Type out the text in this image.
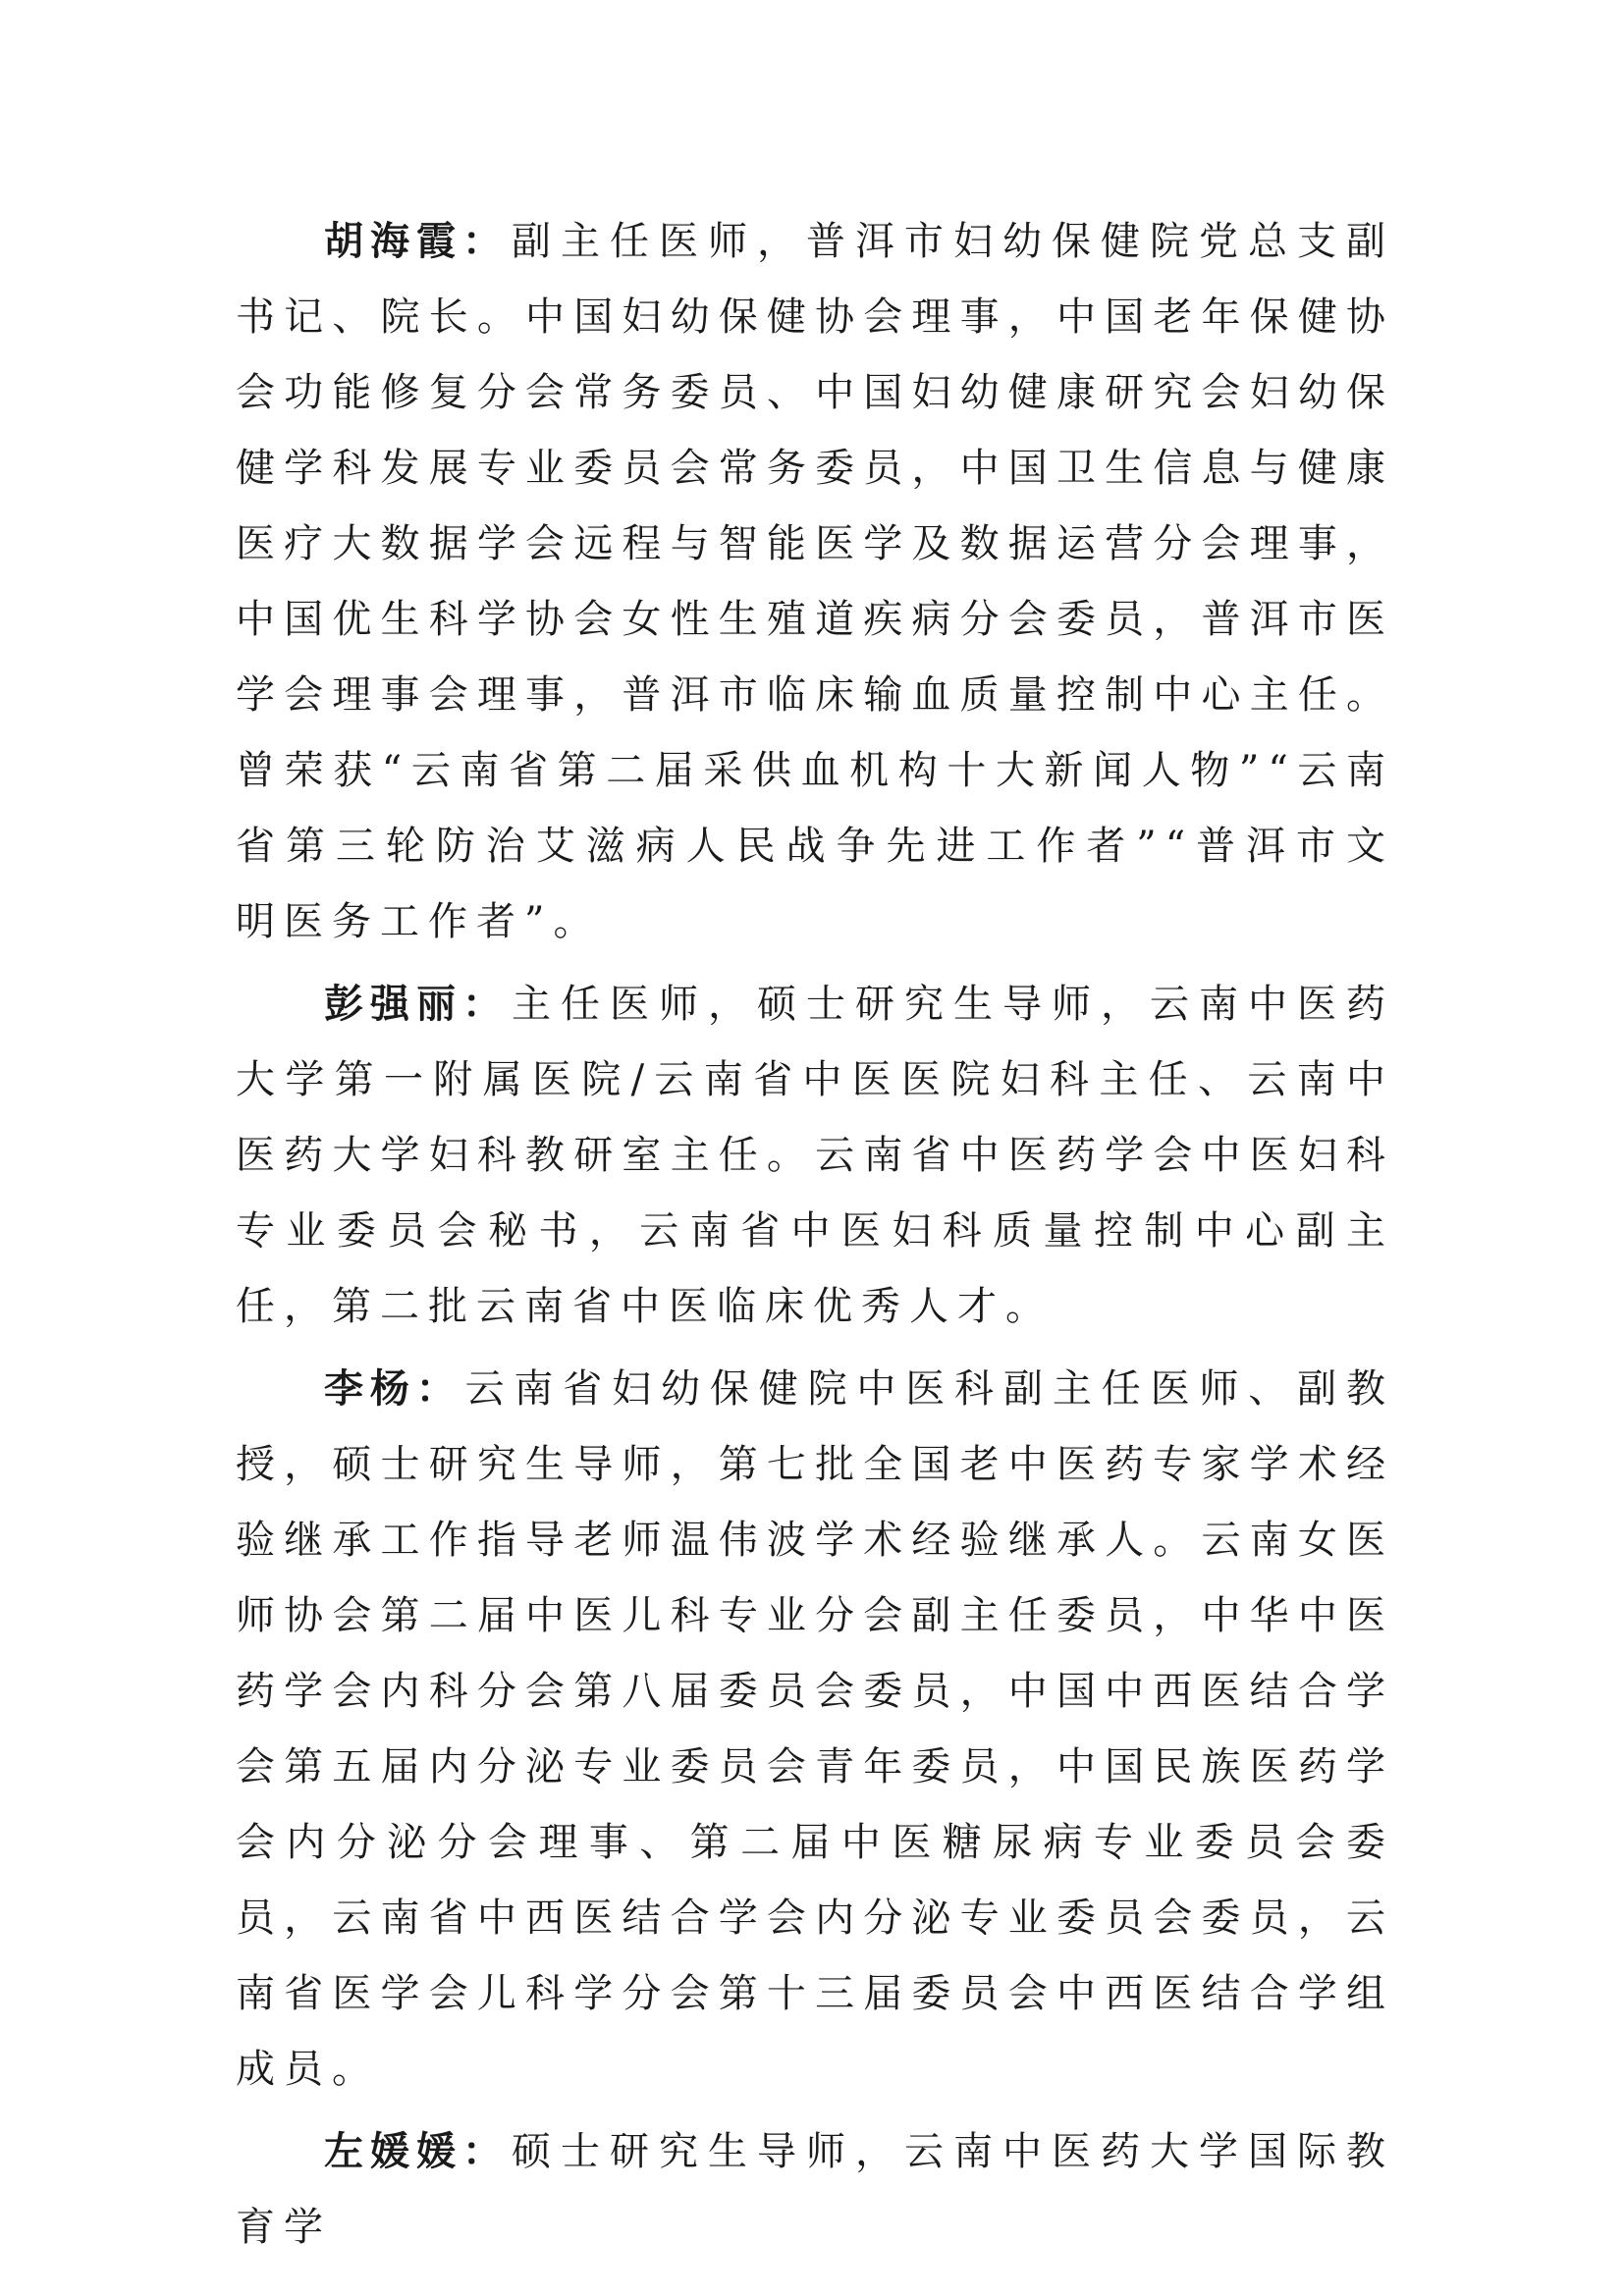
胡海霞：副主任医师，普洱市妇幼保健院党总支副书记、院长。中国妇幼保健协会理事，中国老年保健协会功能修复分会常务委员、中国妇幼健康研究会妇幼保健学科发展专业委员会常务委员，中国卫生信息与健康医疗大数据学会远程与智能医学及数据运营分会理事，中国优生科学协会女性生殖道疾病分会委员，普洱市医学会理事会理事，普洱市临床输血质量控制中心主任。曾荣获“云南省第二届采供血机构十大新闻人物”“云南省第三轮防治艾滋病人民战争先进工作者”“普洱市文明医务工作者”。

彭强丽：主任医师，硕士研究生导师，云南中医药大学第一附属医院/云南省中医医院妇科主任、云南中医药大学妇科教研室主任。云南省中医药学会中医妇科专业委员会秘书，云南省中医妇科质量控制中心副主任，第二批云南省中医临床优秀人才。

李杨：云南省妇幼保健院中医科副主任医师、副教授，硕士研究生导师，第七批全国老中医药专家学术经验继承工作指导老师温伟波学术经验继承人。云南女医师协会第二届中医儿科专业分会副主任委员，中华中医药学会内科分会第八届委员会委员，中国中西医结合学会第五届内分泌专业委员会青年委员，中国民族医药学会内分泌分会理事、第二届中医糖尿病专业委员会委员，云南省中西医结合学会内分泌专业委员会委员，云南省医学会儿科学分会第十三届委员会中西医结合学组成员。

左媛媛：硕士研究生导师，云南中医药大学国际教育学
